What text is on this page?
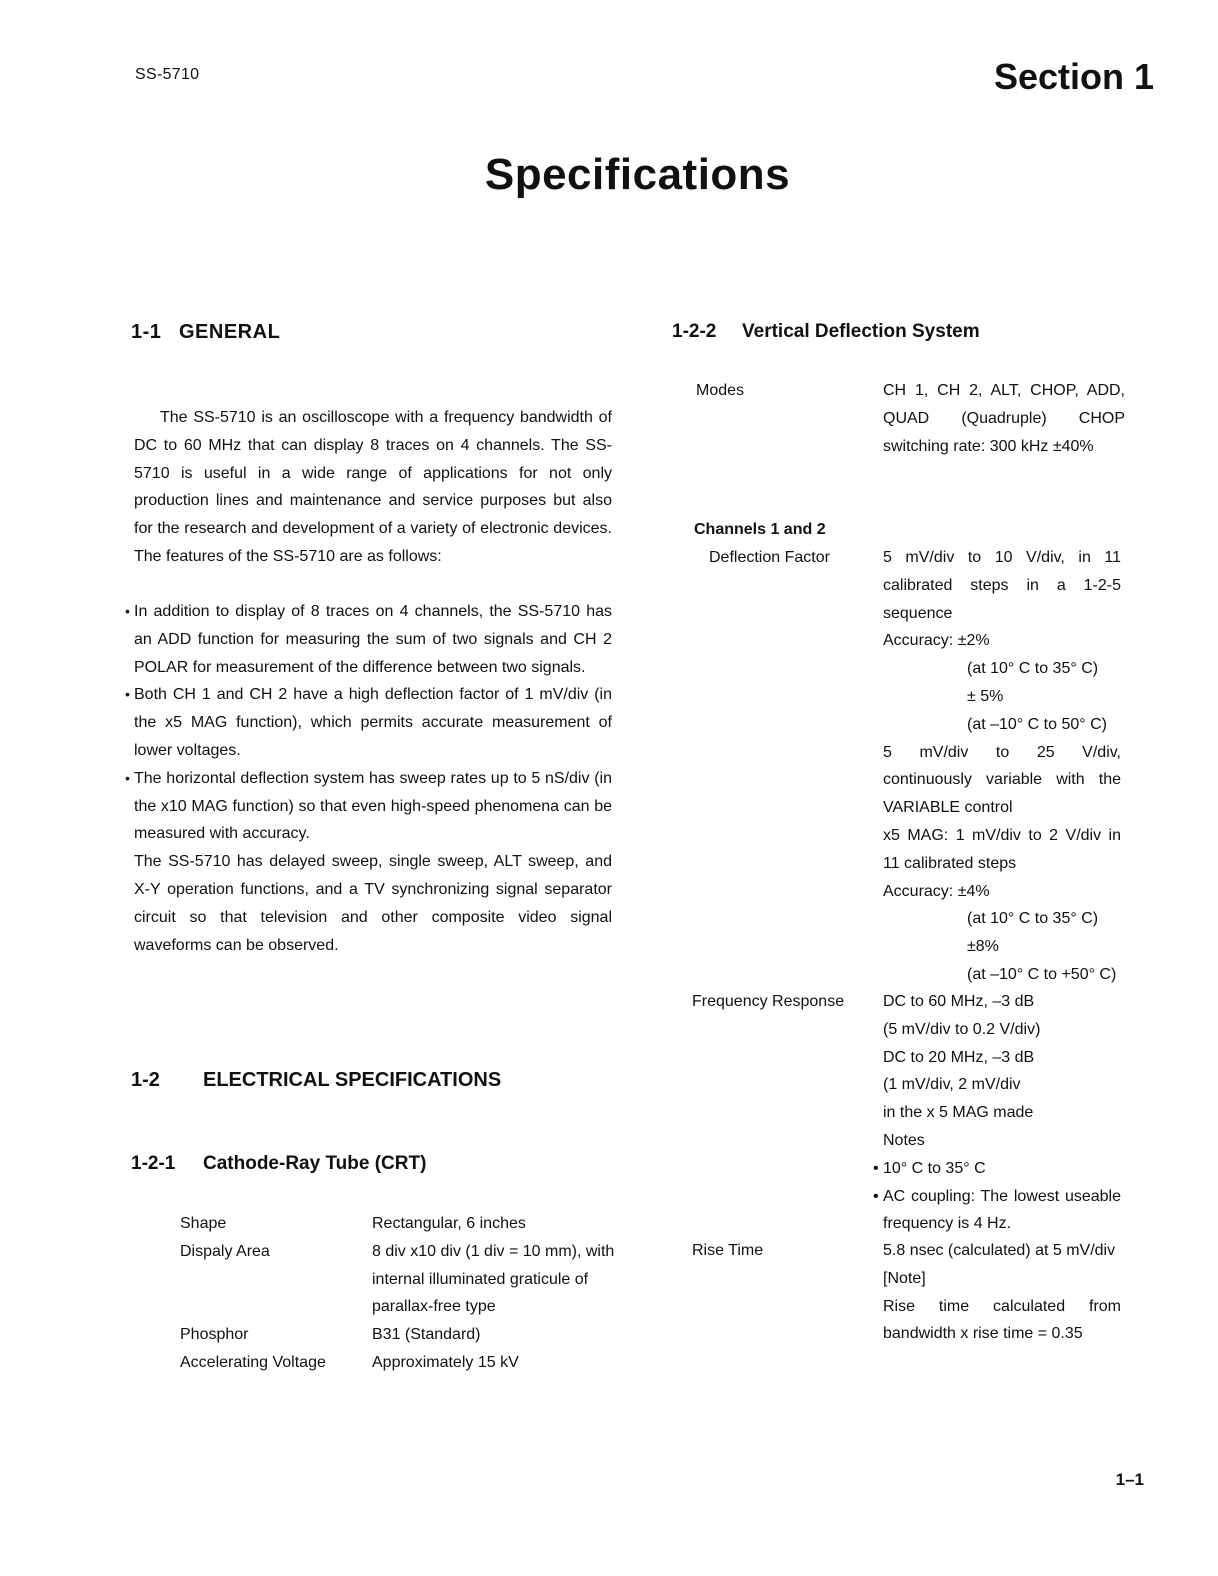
SS-5710	Section 1
Specifications
1-1 GENERAL
The SS-5710 is an oscilloscope with a frequency bandwidth of DC to 60 MHz that can display 8 traces on 4 channels. The SS-5710 is useful in a wide range of applications for not only production lines and maintenance and service purposes but also for the research and development of a variety of electronic devices. The features of the SS-5710 are as follows:
• In addition to display of 8 traces on 4 channels, the SS-5710 has an ADD function for measuring the sum of two signals and CH 2 POLAR for measurement of the difference between two signals.
• Both CH 1 and CH 2 have a high deflection factor of 1 mV/div (in the x5 MAG function), which permits accurate measurement of lower voltages.
• The horizontal deflection system has sweep rates up to 5 nS/div (in the x10 MAG function) so that even high-speed phenomena can be measured with accuracy.
The SS-5710 has delayed sweep, single sweep, ALT sweep, and X-Y operation functions, and a TV synchronizing signal separator circuit so that television and other composite video signal waveforms can be observed.
1-2 ELECTRICAL SPECIFICATIONS
1-2-1 Cathode-Ray Tube (CRT)
Shape	Rectangular, 6 inches
Dispaly Area	8 div x10 div (1 div = 10 mm), with internal illuminated graticule of parallax-free type
Phosphor	B31 (Standard)
Accelerating Voltage	Approximately 15 kV
1-2-2 Vertical Deflection System
Modes	CH 1, CH 2, ALT, CHOP, ADD, QUAD (Quadruple) CHOP switching rate: 300 kHz ±40%
Channels 1 and 2
Deflection Factor	5 mV/div to 10 V/div, in 11 calibrated steps in a 1-2-5 sequence
Accuracy: ±2%
(at 10° C to 35° C)
± 5%
(at –10° C to 50° C)
5 mV/div to 25 V/div, continuously variable with the VARIABLE control
x5 MAG: 1 mV/div to 2 V/div in 11 calibrated steps
Accuracy: ±4%
(at 10° C to 35° C)
±8%
(at –10° C to +50° C)
Frequency Response DC to 60 MHz, –3 dB
(5 mV/div to 0.2 V/div)
DC to 20 MHz, –3 dB
(1 mV/div, 2 mV/div
in the x 5 MAG made
Notes
• 10° C to 35° C
• AC coupling: The lowest useable frequency is 4 Hz.
Rise Time	5.8 nsec (calculated) at 5 mV/div
[Note]
Rise time calculated from bandwidth x rise time = 0.35
1–1
